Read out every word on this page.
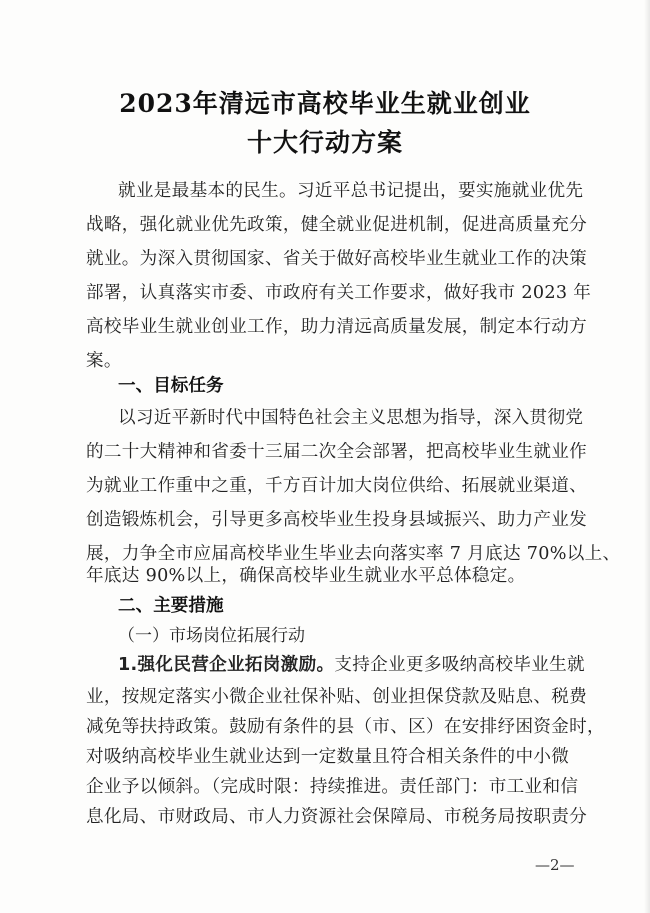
2023年清远市高校毕业生就业创业
十大行动方案
就业是最基本的民生。习近平总书记提出，要实施就业优先
战略，强化就业优先政策，健全就业促进机制，促进高质量充分
就业。为深入贯彻国家、省关于做好高校毕业生就业工作的决策
部署，认真落实市委、市政府有关工作要求，做好我市 2023 年
高校毕业生就业创业工作，助力清远高质量发展，制定本行动方
案。
一、目标任务
以习近平新时代中国特色社会主义思想为指导，深入贯彻党
的二十大精神和省委十三届二次全会部署，把高校毕业生就业作
为就业工作重中之重，千方百计加大岗位供给、拓展就业渠道、
创造锻炼机会，引导更多高校毕业生投身县域振兴、助力产业发
展，力争全市应届高校毕业生毕业去向落实率 7 月底达 70%以上、
年底达 90%以上，确保高校毕业生就业水平总体稳定。
二、主要措施
（一）市场岗位拓展行动
1.强化民营企业拓岗激励。支持企业更多吸纳高校毕业生就
业，按规定落实小微企业社保补贴、创业担保贷款及贴息、税费
减免等扶持政策。鼓励有条件的县（市、区）在安排纾困资金时，
对吸纳高校毕业生就业达到一定数量且符合相关条件的中小微
企业予以倾斜。（完成时限：持续推进。责任部门：市工业和信
息化局、市财政局、市人力资源社会保障局、市税务局按职责分
—2—
